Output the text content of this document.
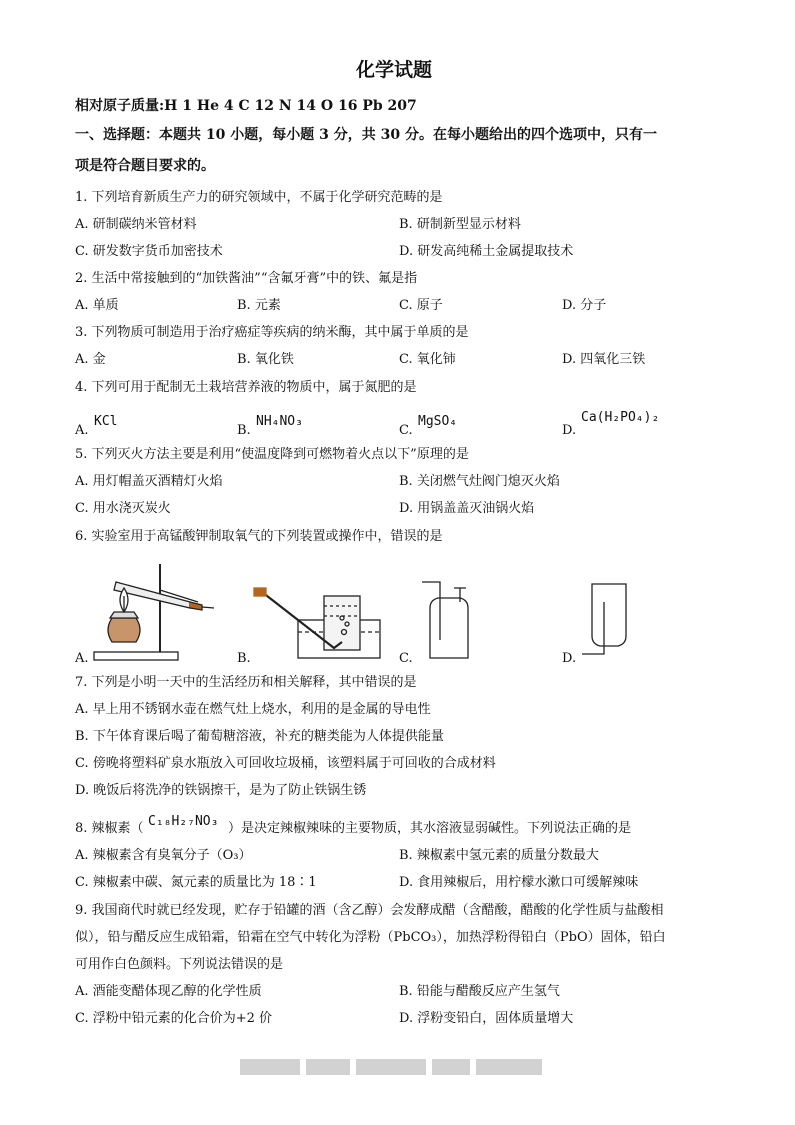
化学试题
相对原子质量:H 1 He 4 C 12 N 14 O 16 Pb 207
一、选择题：本题共 10 小题，每小题 3 分，共 30 分。在每小题给出的四个选项中，只有一
项是符合题目要求的。
1. 下列培育新质生产力的研究领域中，不属于化学研究范畴的是
A. 研制碳纳米管材料	B. 研制新型显示材料
C. 研发数字货币加密技术	D. 研发高纯稀土金属提取技术
2. 生活中常接触到的“加铁酱油”“含氟牙膏”中的铁、氟是指
A. 单质	B. 元素	C. 原子	D. 分子
3. 下列物质可制造用于治疗癌症等疾病的纳米酶，其中属于单质的是
A. 金	B. 氧化铁	C. 氧化铈	D. 四氧化三铁
4. 下列可用于配制无土栽培营养液的物质中，属于氮肥的是
A.
KCl
B.
NH₄NO₃
C.
MgSO₄
D.
Ca(H₂PO₄)₂
5. 下列灭火方法主要是利用“使温度降到可燃物着火点以下”原理的是
A. 用灯帽盖灭酒精灯火焰	B. 关闭燃气灶阀门熄灭火焰
C. 用水浇灭炭火	D. 用锅盖盖灭油锅火焰
6. 实验室用于高锰酸钾制取氧气的下列装置或操作中，错误的是
A.	B.	C.	D.
7. 下列是小明一天中的生活经历和相关解释，其中错误的是
A. 早上用不锈钢水壶在燃气灶上烧水，利用的是金属的导电性
B. 下午体育课后喝了葡萄糖溶液，补充的糖类能为人体提供能量
C. 傍晚将塑料矿泉水瓶放入可回收垃圾桶，该塑料属于可回收的合成材料
D. 晚饭后将洗净的铁锅擦干，是为了防止铁锅生锈
8. 辣椒素（ C₁₈H₂₇NO₃ ）是决定辣椒辣味的主要物质，其水溶液显弱碱性。下列说法正确的是
A. 辣椒素含有臭氧分子（O₃）	B. 辣椒素中氢元素的质量分数最大
C. 辣椒素中碳、氮元素的质量比为 18∶1	D. 食用辣椒后，用柠檬水漱口可缓解辣味
9. 我国商代时就已经发现，贮存于铅罐的酒（含乙醇）会发酵成醋（含醋酸，醋酸的化学性质与盐酸相
似），铅与醋反应生成铅霜，铅霜在空气中转化为浮粉（PbCO₃），加热浮粉得铅白（PbO）固体，铅白
可用作白色颜料。下列说法错误的是
A. 酒能变醋体现乙醇的化学性质	B. 铅能与醋酸反应产生氢气
C. 浮粉中铅元素的化合价为+2 价	D. 浮粉变铅白，固体质量增大
